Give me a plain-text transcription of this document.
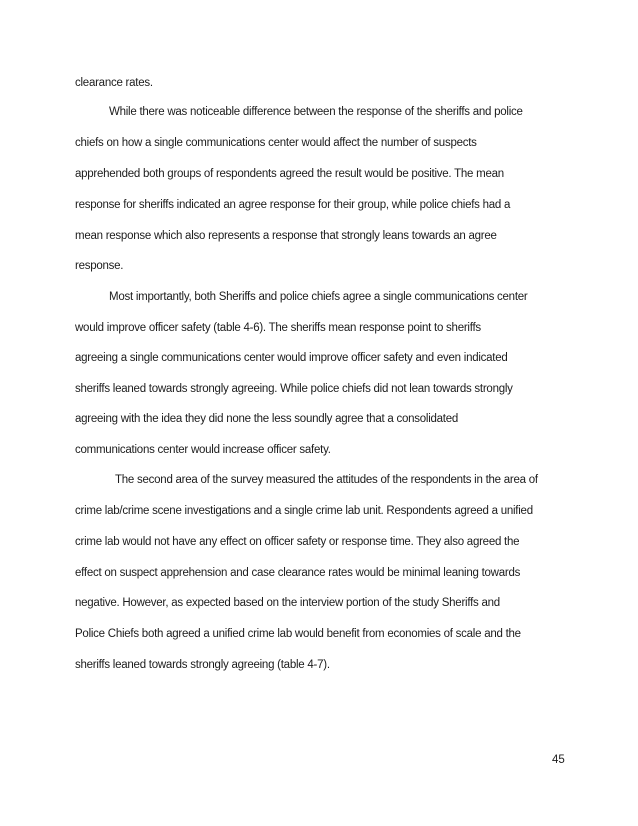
clearance rates.
While there was noticeable difference between the response of the sheriffs and police
chiefs on how a single communications center would affect the number of suspects
apprehended both groups of respondents agreed the result would be positive. The mean
response for sheriffs indicated an agree response for their group, while police chiefs had a
mean response which also represents a response that strongly leans towards an agree
response.
Most importantly, both Sheriffs and police chiefs agree a single communications center
would improve officer safety (table 4-6). The sheriffs mean response point to sheriffs
agreeing a single communications center would improve officer safety and even indicated
sheriffs leaned towards strongly agreeing. While police chiefs did not lean towards strongly
agreeing with the idea they did none the less soundly agree that a consolidated
communications center would increase officer safety.
The second area of the survey measured the attitudes of the respondents in the area of
crime lab/crime scene investigations and a single crime lab unit. Respondents agreed a unified
crime lab would not have any effect on officer safety or response time. They also agreed the
effect on suspect apprehension and case clearance rates would be minimal leaning towards
negative. However, as expected based on the interview portion of the study Sheriffs and
Police Chiefs both agreed a unified crime lab would benefit from economies of scale and the
sheriffs leaned towards strongly agreeing (table 4-7).
45
